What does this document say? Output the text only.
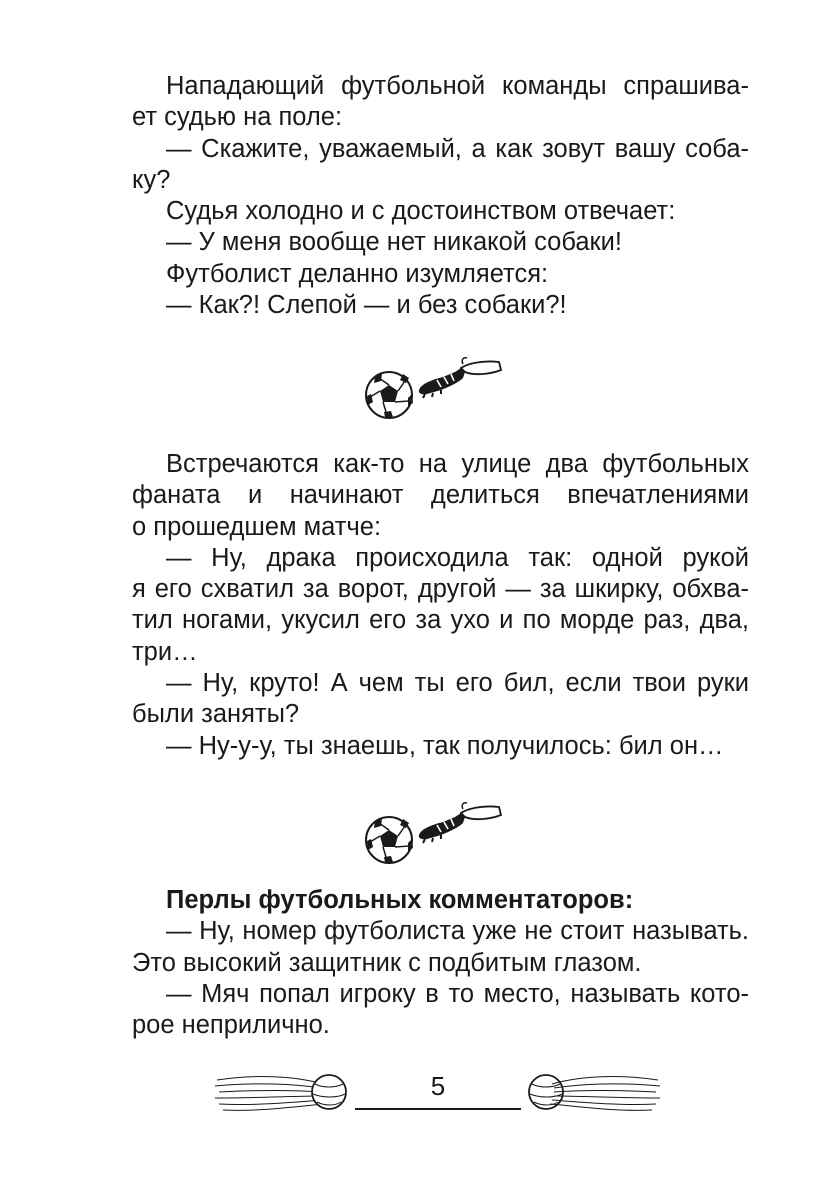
Нападающий футбольной команды спрашива-
ет судью на поле:
— Скажите, уважаемый, а как зовут вашу соба-
ку?
Судья холодно и с достоинством отвечает:
— У меня вообще нет никакой собаки!
Футболист деланно изумляется:
— Как?! Слепой — и без собаки?!
Встречаются как-то на улице два футбольных
фаната и начинают делиться впечатлениями
о прошедшем матче:
— Ну, драка происходила так: одной рукой
я его схватил за ворот, другой — за шкирку, обхва-
тил ногами, укусил его за ухо и по морде раз, два,
три…
— Ну, круто! А чем ты его бил, если твои руки
были заняты?
— Ну-у-у, ты знаешь, так получилось: бил он…
Перлы футбольных комментаторов:
— Ну, номер футболиста уже не стоит называть.
Это высокий защитник с подбитым глазом.
— Мяч попал игроку в то место, называть кото-
рое неприлично.
5
